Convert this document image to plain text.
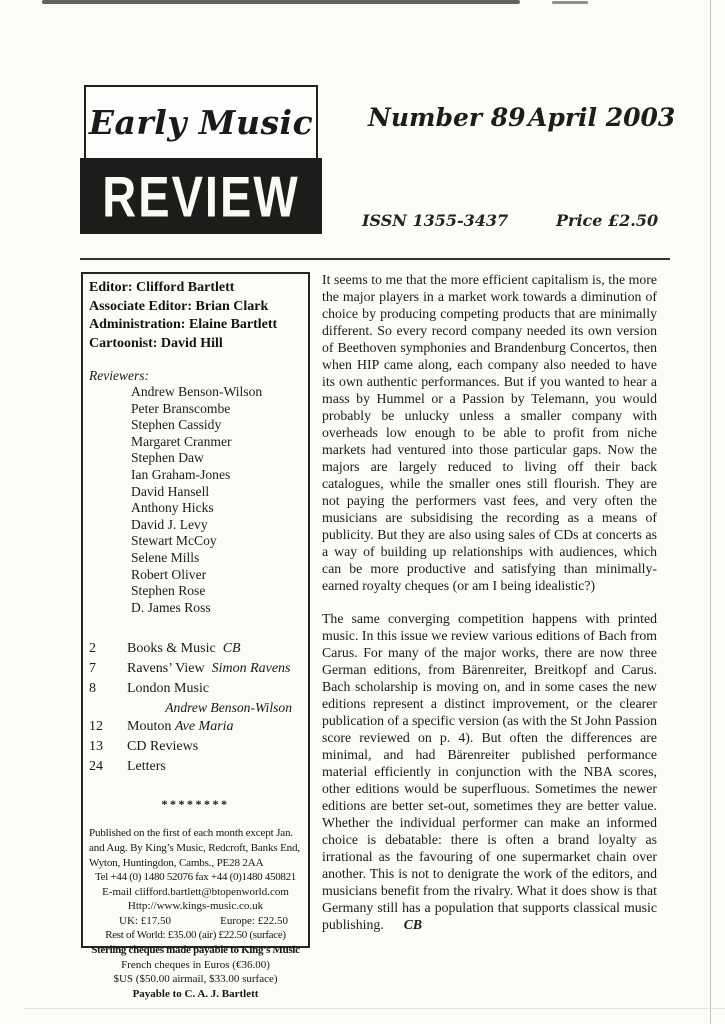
Early Music
REVIEW
Number 89 April 2003
ISSN 1355-3437	Price £2.50
Editor: Clifford Bartlett
Associate Editor: Brian Clark
Administration: Elaine Bartlett
Cartoonist: David Hill
Reviewers:
Andrew Benson-Wilson
Peter Branscombe
Stephen Cassidy
Margaret Cranmer
Stephen Daw
Ian Graham-Jones
David Hansell
Anthony Hicks
David J. Levy
Stewart McCoy
Selene Mills
Robert Oliver
Stephen Rose
D. James Ross
2	Books & Music CB
7	Ravens’ View Simon Ravens
8	London Music
Andrew Benson-Wilson
12	Mouton Ave Maria
13	CD Reviews
24	Letters
********
Published on the first of each month except Jan. and Aug. By King’s Music, Redcroft, Banks End, Wyton, Huntingdon, Cambs., PE28 2AA
Tel +44 (0) 1480 52076 fax +44 (0)1480 450821
E-mail clifford.bartlett@btopenworld.com
Http://www.kings-music.co.uk
UK: £17.50	Europe: £22.50
Rest of World: £35.00 (air) £22.50 (surface)
Sterling cheques made payable to King’s Music
French cheques in Euros (€36.00)
$US ($50.00 airmail, $33.00 surface)
Payable to C. A. J. Bartlett

It seems to me that the more efficient capitalism is, the more the major players in a market work towards a diminution of choice by producing competing products that are minimally different. So every record company needed its own version of Beethoven symphonies and Brandenburg Concertos, then when HIP came along, each company also needed to have its own authentic performances. But if you wanted to hear a mass by Hummel or a Passion by Telemann, you would probably be unlucky unless a smaller company with overheads low enough to be able to profit from niche markets had ventured into those particular gaps. Now the majors are largely reduced to living off their back catalogues, while the smaller ones still flourish. They are not paying the performers vast fees, and very often the musicians are subsidising the recording as a means of publicity. But they are also using sales of CDs at concerts as a way of building up relationships with audiences, which can be more productive and satisfying than minimally-earned royalty cheques (or am I being idealistic?)

The same converging competition happens with printed music. In this issue we review various editions of Bach from Carus. For many of the major works, there are now three German editions, from Bärenreiter, Breitkopf and Carus. Bach scholarship is moving on, and in some cases the new editions represent a distinct improvement, or the clearer publication of a specific version (as with the St John Passion score reviewed on p. 4). But often the differences are minimal, and had Bärenreiter published performance material efficiently in conjunction with the NBA scores, other editions would be superfluous. Sometimes the newer editions are better set-out, sometimes they are better value. Whether the individual performer can make an informed choice is debatable: there is often a brand loyalty as irrational as the favouring of one supermarket chain over another. This is not to denigrate the work of the editors, and musicians benefit from the rivalry. What it does show is that Germany still has a population that supports classical music publishing. CB
